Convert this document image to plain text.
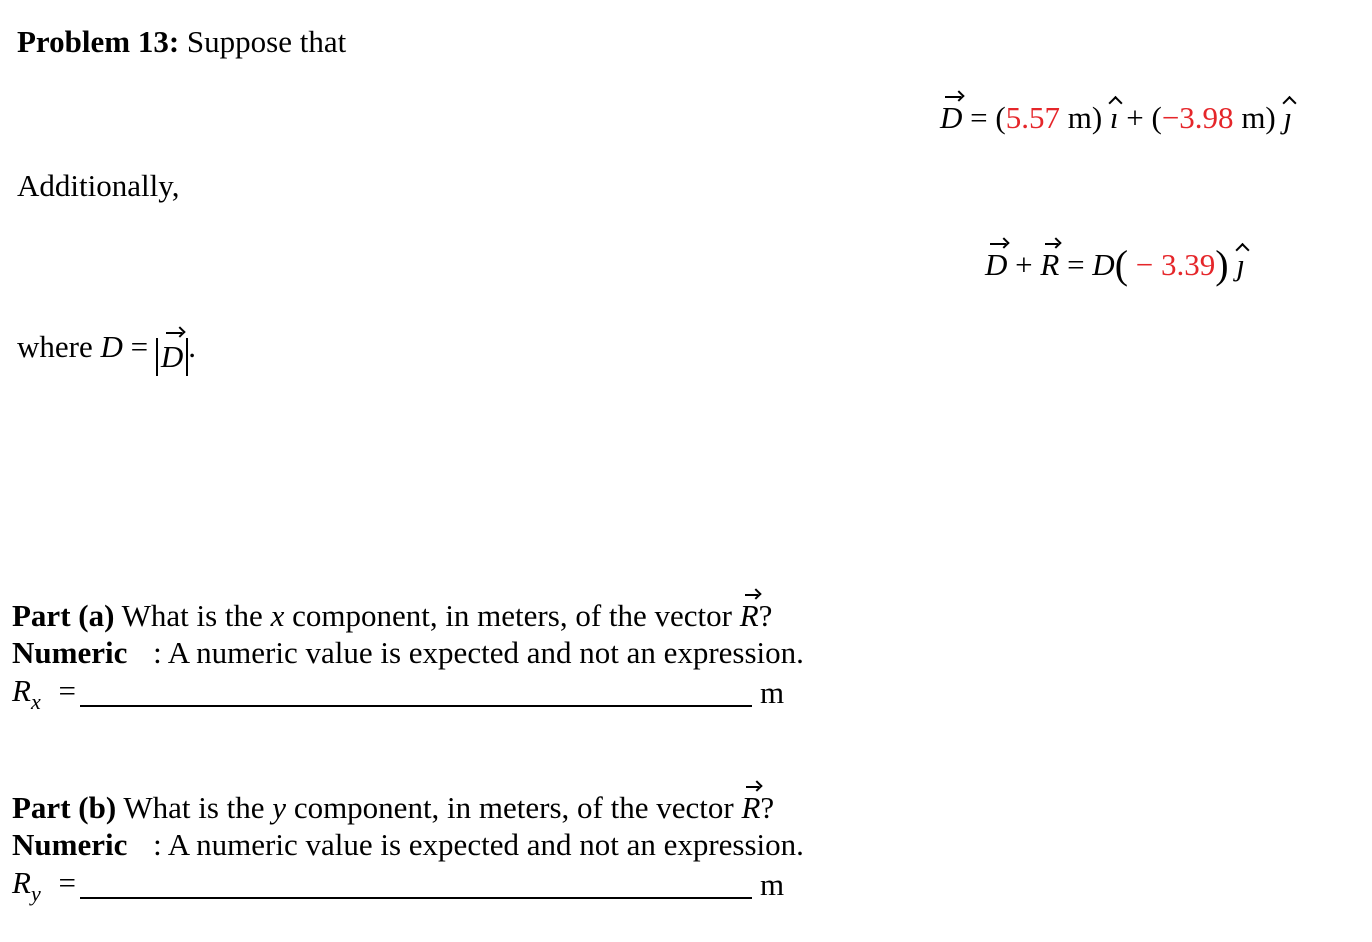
Problem 13: Suppose that
D = (5.57 m) ı + (−3.98 m) ȷ
Additionally,
D + R = D( − 3.39) ȷ
where D = D .
Part (a) What is the x component, in meters, of the vector R?
Numeric : A numeric value is expected and not an expression.
$R_x$ =	m
Part (b) What is the y component, in meters, of the vector R?
Numeric : A numeric value is expected and not an expression.
$R_y$ =	m
